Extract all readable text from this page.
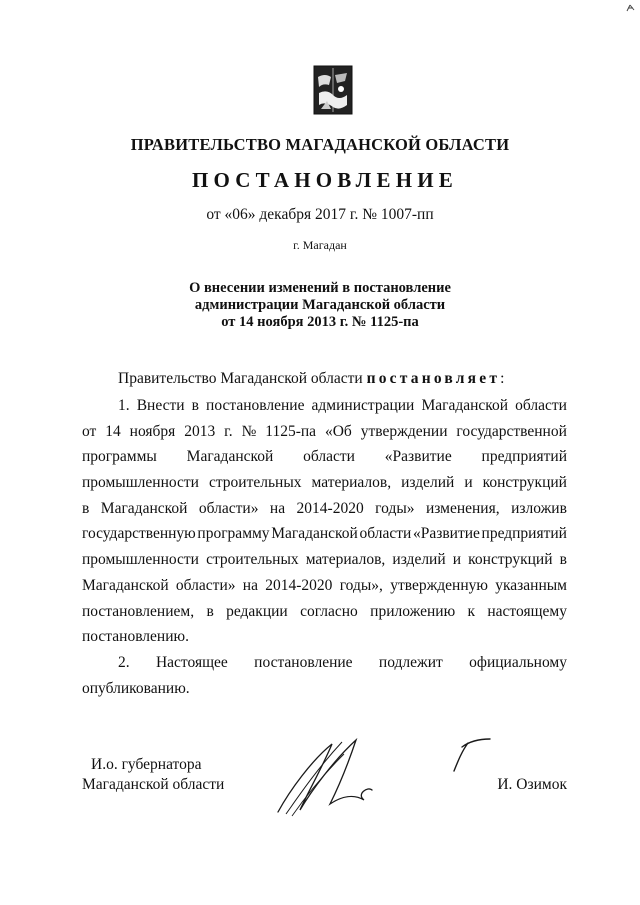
ПРАВИТЕЛЬСТВО МАГАДАНСКОЙ ОБЛАСТИ
ПОСТАНОВЛЕНИЕ
от «06» декабря 2017 г. № 1007-пп
г. Магадан
О внесении изменений в постановление
администрации Магаданской области
от 14 ноября 2013 г. № 1125-па
Правительство Магаданской области постановляет:
1. Внести в постановление администрации Магаданской области
от 14 ноября 2013 г. № 1125-па «Об утверждении государственной
программы Магаданской области «Развитие предприятий
промышленности строительных материалов, изделий и конструкций
в Магаданской области» на 2014-2020 годы» изменения, изложив
государственную программу Магаданской области «Развитие предприятий
промышленности строительных материалов, изделий и конструкций в
Магаданской области» на 2014-2020 годы», утвержденную указанным
постановлением, в редакции согласно приложению к настоящему
постановлению.
2. Настоящее постановление подлежит официальному
опубликованию.
И.о. губернатора
Магаданской области	И. Озимок
